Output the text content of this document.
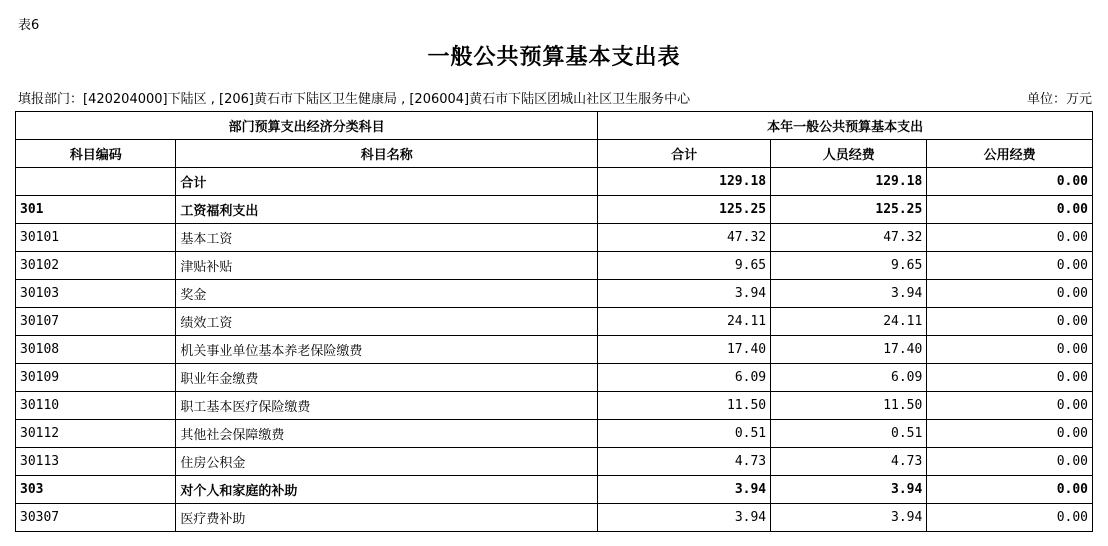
表6
一般公共预算基本支出表
填报部门：[420204000]下陆区 , [206]黄石市下陆区卫生健康局 , [206004]黄石市下陆区团城山社区卫生服务中心	单位：万元
部门预算支出经济分类科目		本年一般公共预算基本支出		
科目编码	科目名称	合计	人员经费	公用经费
	合计	129.18	129.18	0.00
301	工资福利支出	125.25	125.25	0.00
30101	基本工资	47.32	47.32	0.00
30102	津贴补贴	9.65	9.65	0.00
30103	奖金	3.94	3.94	0.00
30107	绩效工资	24.11	24.11	0.00
30108	机关事业单位基本养老保险缴费	17.40	17.40	0.00
30109	职业年金缴费	6.09	6.09	0.00
30110	职工基本医疗保险缴费	11.50	11.50	0.00
30112	其他社会保障缴费	0.51	0.51	0.00
30113	住房公积金	4.73	4.73	0.00
303	对个人和家庭的补助	3.94	3.94	0.00
30307	医疗费补助	3.94	3.94	0.00
